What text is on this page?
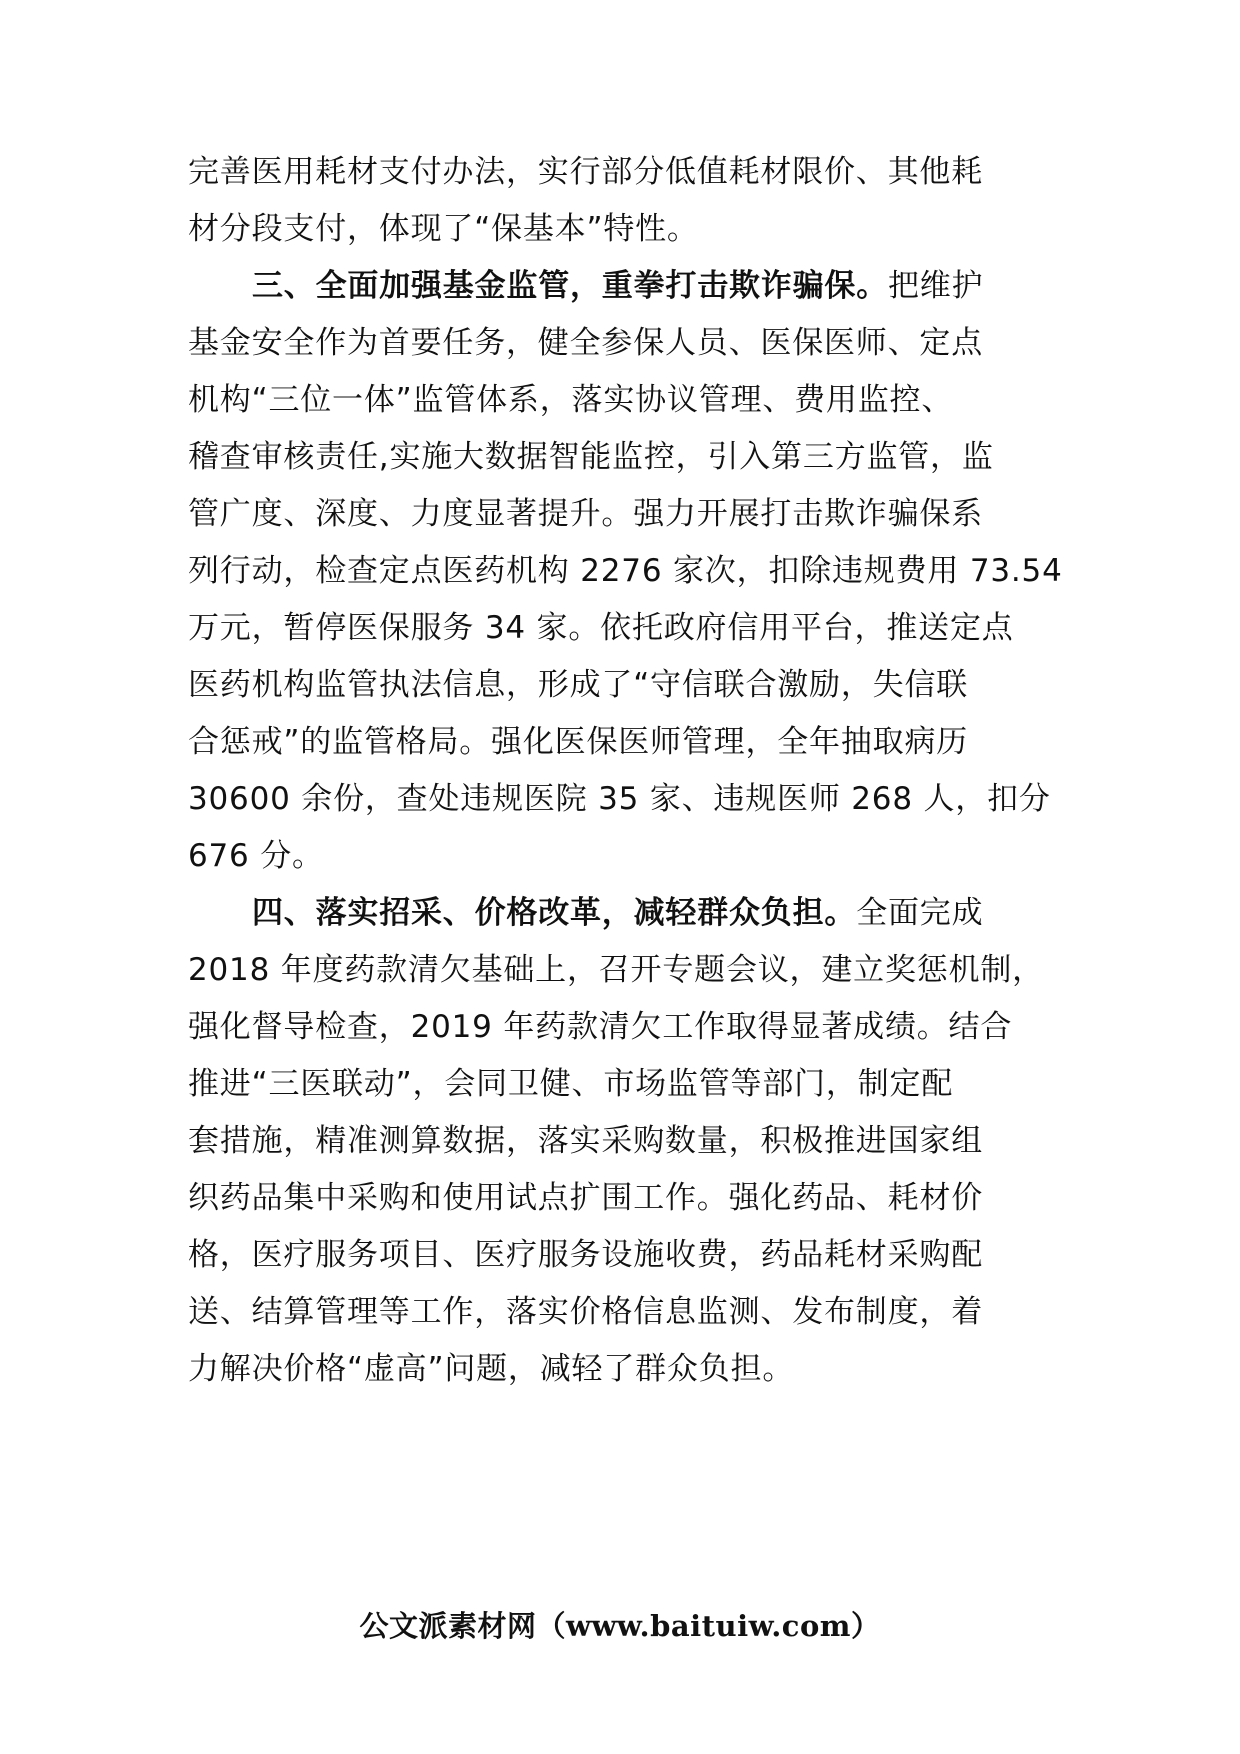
完善医用耗材支付办法，实行部分低值耗材限价、其他耗
材分段支付，体现了“保基本”特性。
三、全面加强基金监管，重拳打击欺诈骗保。把维护
基金安全作为首要任务，健全参保人员、医保医师、定点
机构“三位一体”监管体系，落实协议管理、费用监控、
稽查审核责任,实施大数据智能监控，引入第三方监管，监
管广度、深度、力度显著提升。强力开展打击欺诈骗保系
列行动，检查定点医药机构 2276 家次，扣除违规费用 73.54
万元，暂停医保服务 34 家。依托政府信用平台，推送定点
医药机构监管执法信息，形成了“守信联合激励，失信联
合惩戒”的监管格局。强化医保医师管理，全年抽取病历
30600 余份，查处违规医院 35 家、违规医师 268 人，扣分
676 分。
四、落实招采、价格改革，减轻群众负担。全面完成
2018 年度药款清欠基础上，召开专题会议，建立奖惩机制，
强化督导检查，2019 年药款清欠工作取得显著成绩。结合
推进“三医联动”，会同卫健、市场监管等部门，制定配
套措施，精准测算数据，落实采购数量，积极推进国家组
织药品集中采购和使用试点扩围工作。强化药品、耗材价
格，医疗服务项目、医疗服务设施收费，药品耗材采购配
送、结算管理等工作，落实价格信息监测、发布制度，着
力解决价格“虚高”问题，减轻了群众负担。
公文派素材网（www.baituiw.com）
